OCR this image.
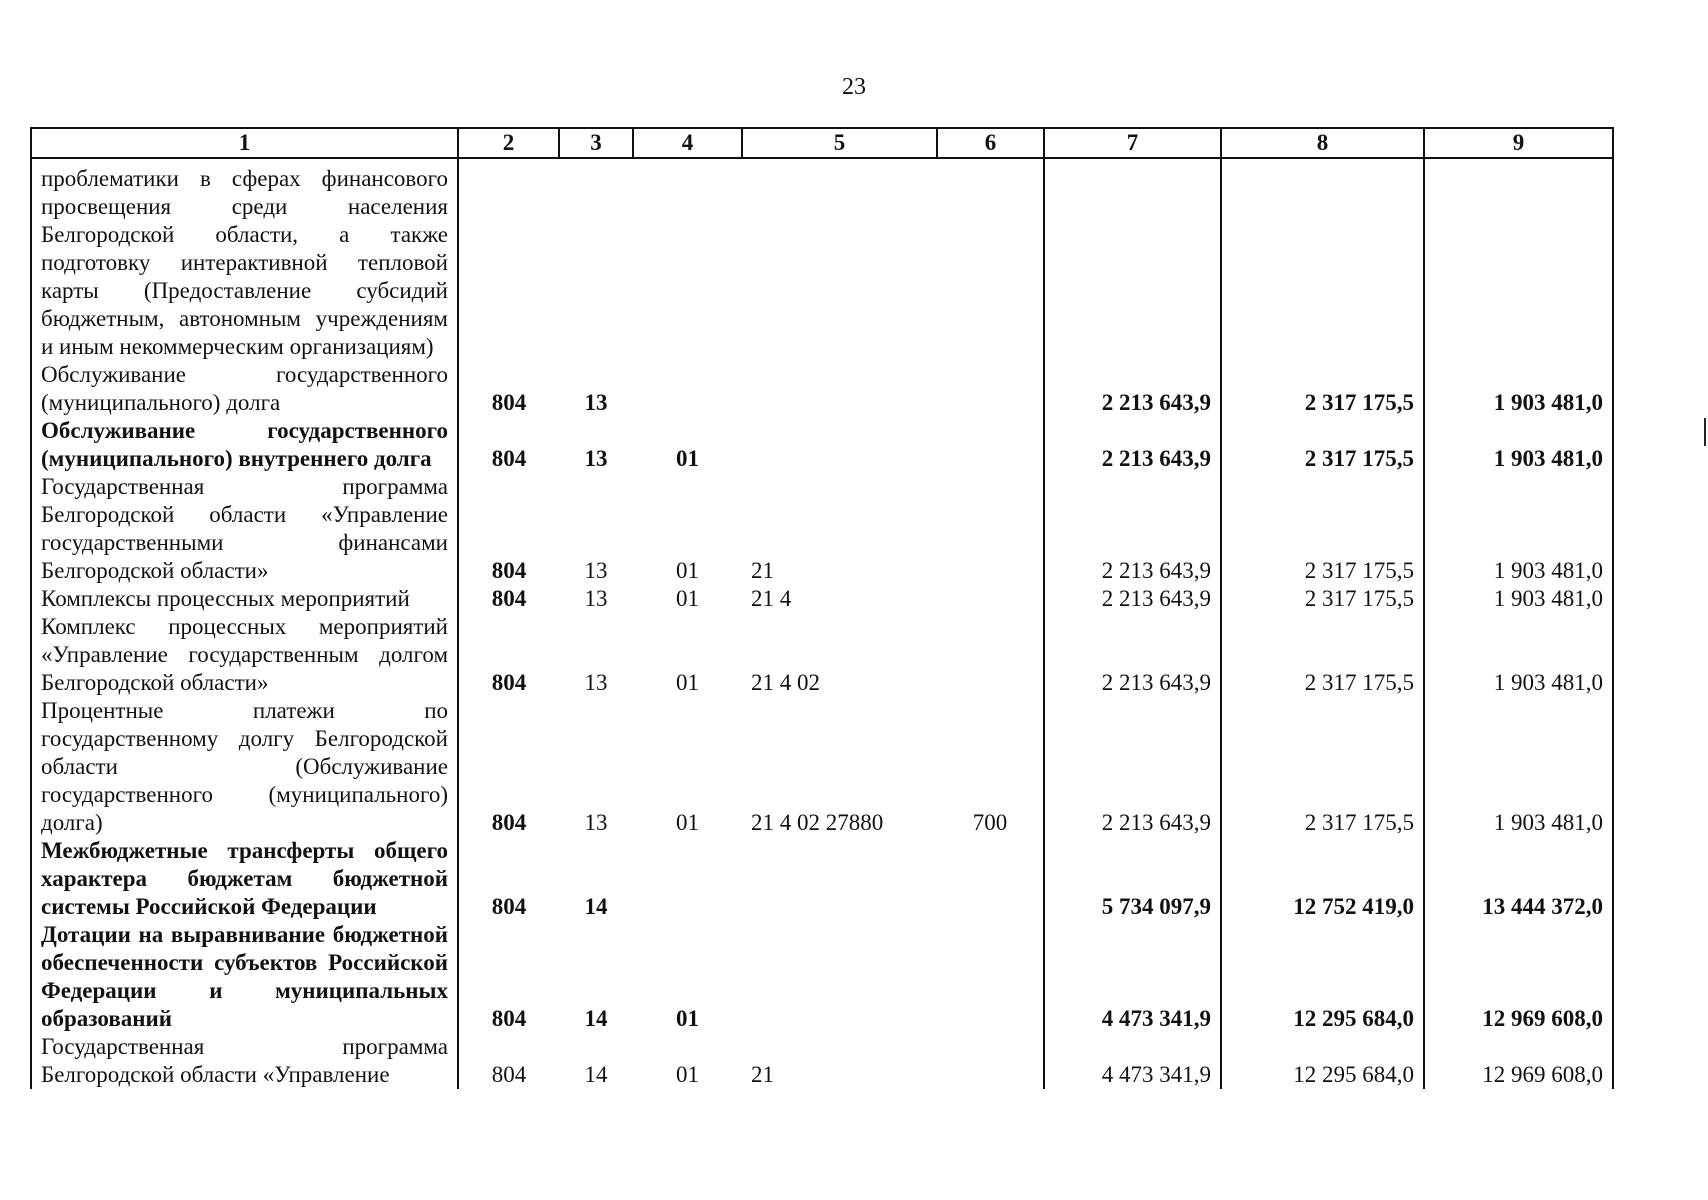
23
1	2	3	4	5	6	7	8	9
проблематики в сферах финансового просвещения среди населения Белгородской области, а также подготовку интерактивной тепловой карты (Предоставление субсидий бюджетным, автономным учреждениям и иным некоммерческим организациям)								
Обслуживание государственного (муниципального) долга	804	13				2 213 643,9	2 317 175,5	1 903 481,0
Обслуживание государственного (муниципального) внутреннего долга	804	13	01			2 213 643,9	2 317 175,5	1 903 481,0
Государственная программа Белгородской области «Управление государственными финансами Белгородской области»	804	13	01	21		2 213 643,9	2 317 175,5	1 903 481,0
Комплексы процессных мероприятий	804	13	01	21 4		2 213 643,9	2 317 175,5	1 903 481,0
Комплекс процессных мероприятий «Управление государственным долгом Белгородской области»	804	13	01	21 4 02		2 213 643,9	2 317 175,5	1 903 481,0
Процентные платежи по государственному долгу Белгородской области (Обслуживание государственного (муниципального) долга)	804	13	01	21 4 02 27880	700	2 213 643,9	2 317 175,5	1 903 481,0
Межбюджетные трансферты общего характера бюджетам бюджетной системы Российской Федерации	804	14				5 734 097,9	12 752 419,0	13 444 372,0
Дотации на выравнивание бюджетной обеспеченности субъектов Российской Федерации и муниципальных образований	804	14	01			4 473 341,9	12 295 684,0	12 969 608,0
Государственная программа Белгородской области «Управление	804	14	01	21		4 473 341,9	12 295 684,0	12 969 608,0
